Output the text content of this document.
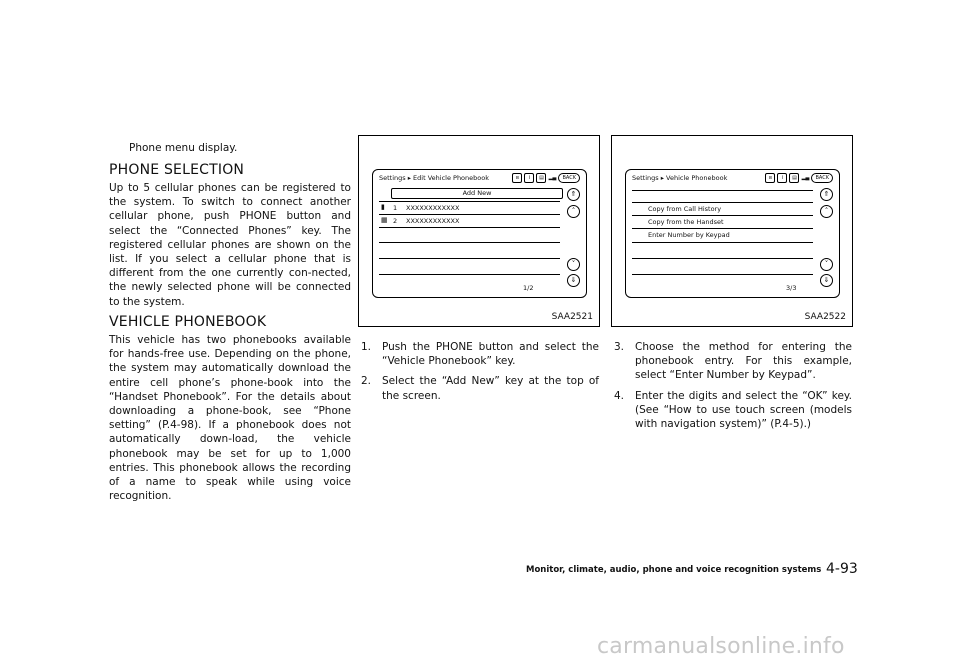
Phone menu display.
PHONE SELECTION
Up to 5 cellular phones can be registered to the system. To switch to connect another cellular phone, push PHONE button and select the “Connected Phones” key. The registered cellular phones are shown on the list. If you select a cellular phone that is different from the one currently con-nected, the newly selected phone will be connected to the system.
VEHICLE PHONEBOOK
This vehicle has two phonebooks available for hands-free use. Depending on the phone, the system may automatically download the entire cell phone’s phone-book into the “Handset Phonebook”. For the details about downloading a phone-book, see “Phone setting” (P.4-98). If a phonebook does not automatically down-load, the vehicle phonebook may be set for up to 1,000 entries. This phonebook allows the recording of a name to speak while using voice recognition.
Settings ▸ Edit Vehicle Phonebook	ʙ	i	▤ ▂▄	BACK
Add New
▮ 1 XXXXXXXXXXXX
▦ 2 XXXXXXXXXXXX
⇑
˄
˅
⇓
1/2
SAA2521
Settings ▸ Vehicle Phonebook	ʙ	i	▤ ▂▄	BACK
Copy from Call History
Copy from the Handset
Enter Number by Keypad
⇑
˄
˅
⇓
3/3
SAA2522
1. Push the PHONE button and select the “Vehicle Phonebook” key.
2. Select the “Add New” key at the top of the screen.
3. Choose the method for entering the phonebook entry. For this example, select “Enter Number by Keypad”.
4. Enter the digits and select the “OK” key. (See “How to use touch screen (models with navigation system)” (P.4-5).)
Monitor, climate, audio, phone and voice recognition systems 4-93
carmanualsonline.info
